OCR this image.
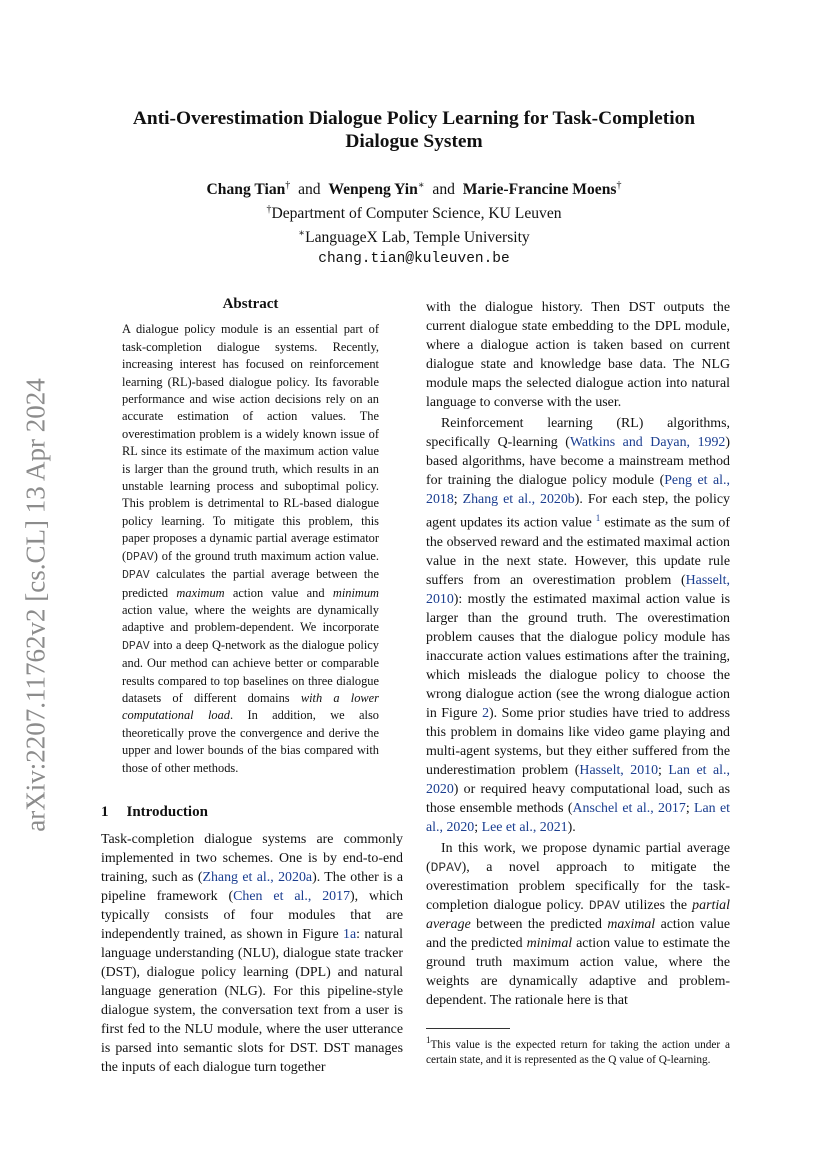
arXiv:2207.11762v2 [cs.CL] 13 Apr 2024
Anti-Overestimation Dialogue Policy Learning for Task-Completion Dialogue System
Chang Tian† and Wenpeng Yin∗ and Marie-Francine Moens†
†Department of Computer Science, KU Leuven
∗LanguageX Lab, Temple University
chang.tian@kuleuven.be
Abstract

A dialogue policy module is an essential part of task-completion dialogue systems. Recently, increasing interest has focused on reinforcement learning (RL)-based dialogue policy. Its favorable performance and wise action decisions rely on an accurate estimation of action values. The overestimation problem is a widely known issue of RL since its estimate of the maximum action value is larger than the ground truth, which results in an unstable learning process and suboptimal policy. This problem is detrimental to RL-based dialogue policy learning. To mitigate this problem, this paper proposes a dynamic partial average estimator (DPAV) of the ground truth maximum action value. DPAV calculates the partial average between the predicted maximum action value and minimum action value, where the weights are dynamically adaptive and problem-dependent. We incorporate DPAV into a deep Q-network as the dialogue policy and. Our method can achieve better or comparable results compared to top baselines on three dialogue datasets of different domains with a lower computational load. In addition, we also theoretically prove the convergence and derive the upper and lower bounds of the bias compared with those of other methods.

1 Introduction

Task-completion dialogue systems are commonly implemented in two schemes. One is by end-to-end training, such as (Zhang et al., 2020a). The other is a pipeline framework (Chen et al., 2017), which typically consists of four modules that are independently trained, as shown in Figure 1a: natural language understanding (NLU), dialogue state tracker (DST), dialogue policy learning (DPL) and natural language generation (NLG). For this pipeline-style dialogue system, the conversation text from a user is first fed to the NLU module, where the user utterance is parsed into semantic slots for DST. DST manages the inputs of each dialogue turn together

with the dialogue history. Then DST outputs the current dialogue state embedding to the DPL module, where a dialogue action is taken based on current dialogue state and knowledge base data. The NLG module maps the selected dialogue action into natural language to converse with the user.

Reinforcement learning (RL) algorithms, specifically Q-learning (Watkins and Dayan, 1992) based algorithms, have become a mainstream method for training the dialogue policy module (Peng et al., 2018; Zhang et al., 2020b). For each step, the policy agent updates its action value $^1$ estimate as the sum of the observed reward and the estimated maximal action value in the next state. However, this update rule suffers from an overestimation problem (Hasselt, 2010): mostly the estimated maximal action value is larger than the ground truth. The overestimation problem causes that the dialogue policy module has inaccurate action values estimations after the training, which misleads the dialogue policy to choose the wrong dialogue action (see the wrong dialogue action in Figure 2). Some prior studies have tried to address this problem in domains like video game playing and multi-agent systems, but they either suffered from the underestimation problem (Hasselt, 2010; Lan et al., 2020) or required heavy computational load, such as those ensemble methods (Anschel et al., 2017; Lan et al., 2020; Lee et al., 2021).

In this work, we propose dynamic partial average (DPAV), a novel approach to mitigate the overestimation problem specifically for the task-completion dialogue policy. DPAV utilizes the partial average between the predicted maximal action value and the predicted minimal action value to estimate the ground truth maximum action value, where the weights are dynamically adaptive and problem-dependent. The rationale here is that

$^1$This value is the expected return for taking the action under a certain state, and it is represented as the Q value of Q-learning.
